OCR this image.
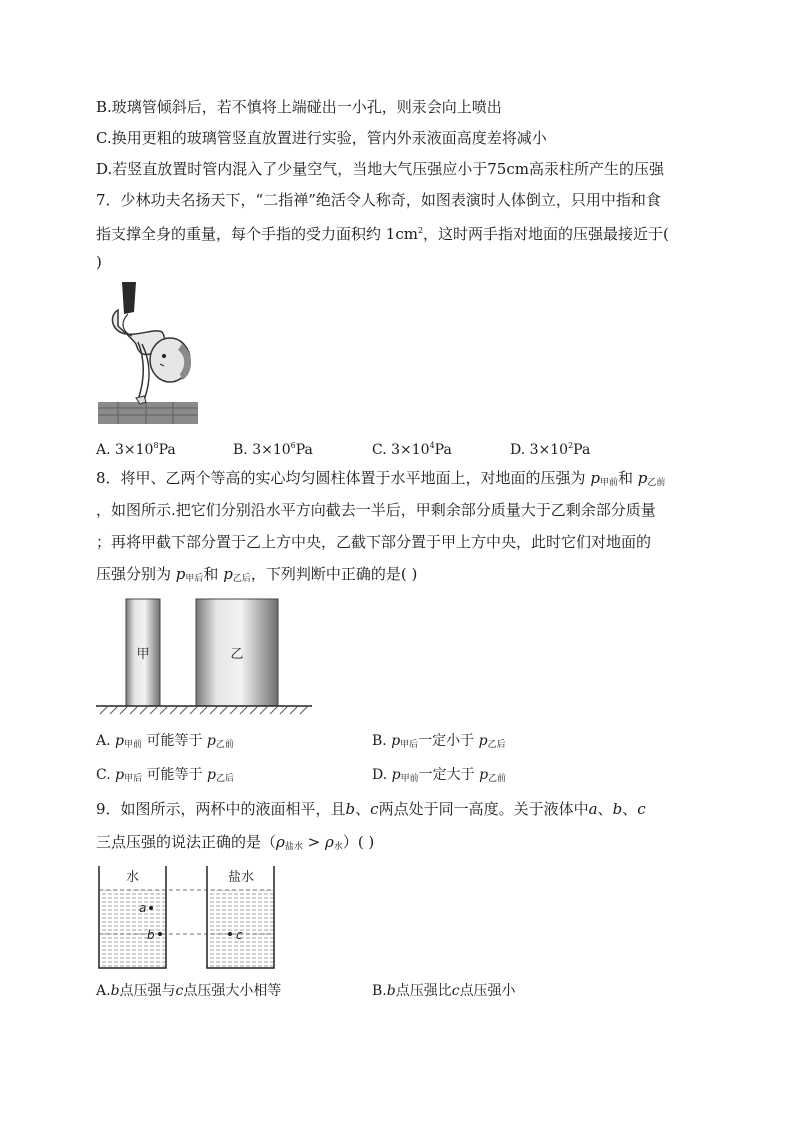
B.玻璃管倾斜后，若不慎将上端碰出一小孔，则汞会向上喷出
C.换用更粗的玻璃管竖直放置进行实验，管内外汞液面高度差将减小
D.若竖直放置时管内混入了少量空气，当地大气压强应小于75cm高汞柱所产生的压强
7．少林功夫名扬天下，“二指禅”绝活令人称奇，如图表演时人体倒立，只用中指和食
指支撑全身的重量，每个手指的受力面积约 $1cm^2$，这时两手指对地面的压强最接近于(
)
A. $3\times 10^8Pa$	B. $3\times 10^6Pa$	C. $3\times 10^4Pa$	D. $3\times 10^2Pa$
8．将甲、乙两个等高的实心均匀圆柱体置于水平地面上，对地面的压强为 $p_{甲前}$和 $p_{乙前}$
，如图所示.把它们分别沿水平方向截去一半后，甲剩余部分质量大于乙剩余部分质量
；再将甲截下部分置于乙上方中央，乙截下部分置于甲上方中央，此时它们对地面的
压强分别为 $p_{甲后}$和 $p_{乙后}$，下列判断中正确的是( )
甲	乙
A. $p_{甲前}$ 可能等于 $p_{乙前}$	B. $p_{甲后}$一定小于 $p_{乙后}$
C. $p_{甲后}$ 可能等于 $p_{乙后}$	D. $p_{甲前}$一定大于 $p_{乙前}$
9．如图所示，两杯中的液面相平，且b、c两点处于同一高度。关于液体中a、b、c
三点压强的说法正确的是$(\rho_{盐水} > \rho_水)$( )
水	盐水
a
b	c
A.b点压强与c点压强大小相等	B.b点压强比c点压强小
